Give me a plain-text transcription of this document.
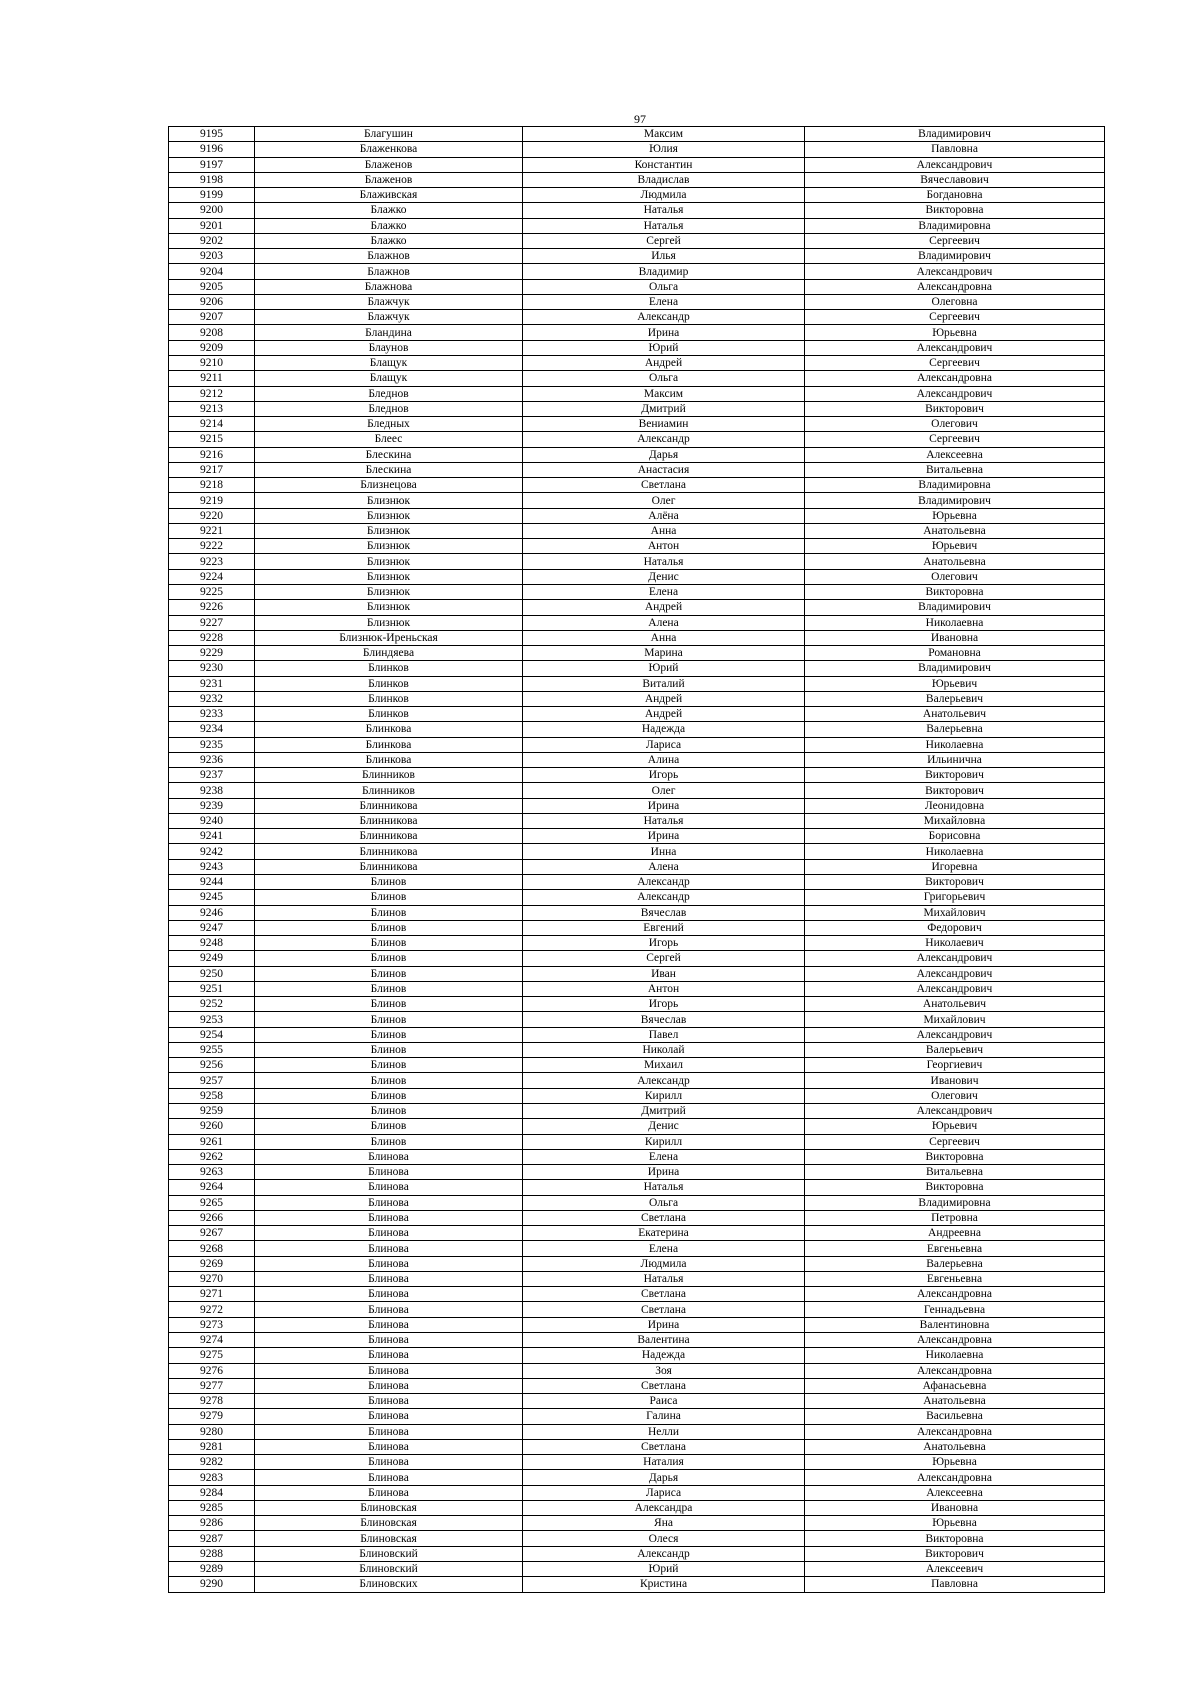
97
9195	Благушин	Максим	Владимирович
9196	Блаженкова	Юлия	Павловна
9197	Блаженов	Константин	Александрович
9198	Блаженов	Владислав	Вячеславович
9199	Блаживская	Людмила	Богдановна
9200	Блажко	Наталья	Викторовна
9201	Блажко	Наталья	Владимировна
9202	Блажко	Сергей	Сергеевич
9203	Блажнов	Илья	Владимирович
9204	Блажнов	Владимир	Александрович
9205	Блажнова	Ольга	Александровна
9206	Блажчук	Елена	Олеговна
9207	Блажчук	Александр	Сергеевич
9208	Бландина	Ирина	Юрьевна
9209	Блаунов	Юрий	Александрович
9210	Блащук	Андрей	Сергеевич
9211	Блащук	Ольга	Александровна
9212	Бледнов	Максим	Александрович
9213	Бледнов	Дмитрий	Викторович
9214	Бледных	Вениамин	Олегович
9215	Блеес	Александр	Сергеевич
9216	Блескина	Дарья	Алексеевна
9217	Блескина	Анастасия	Витальевна
9218	Близнецова	Светлана	Владимировна
9219	Близнюк	Олег	Владимирович
9220	Близнюк	Алёна	Юрьевна
9221	Близнюк	Анна	Анатольевна
9222	Близнюк	Антон	Юрьевич
9223	Близнюк	Наталья	Анатольевна
9224	Близнюк	Денис	Олегович
9225	Близнюк	Елена	Викторовна
9226	Близнюк	Андрей	Владимирович
9227	Близнюк	Алена	Николаевна
9228	Близнюк-Иреньская	Анна	Ивановна
9229	Блиндяева	Марина	Романовна
9230	Блинков	Юрий	Владимирович
9231	Блинков	Виталий	Юрьевич
9232	Блинков	Андрей	Валерьевич
9233	Блинков	Андрей	Анатольевич
9234	Блинкова	Надежда	Валерьевна
9235	Блинкова	Лариса	Николаевна
9236	Блинкова	Алина	Ильинична
9237	Блинников	Игорь	Викторович
9238	Блинников	Олег	Викторович
9239	Блинникова	Ирина	Леонидовна
9240	Блинникова	Наталья	Михайловна
9241	Блинникова	Ирина	Борисовна
9242	Блинникова	Инна	Николаевна
9243	Блинникова	Алена	Игоревна
9244	Блинов	Александр	Викторович
9245	Блинов	Александр	Григорьевич
9246	Блинов	Вячеслав	Михайлович
9247	Блинов	Евгений	Федорович
9248	Блинов	Игорь	Николаевич
9249	Блинов	Сергей	Александрович
9250	Блинов	Иван	Александрович
9251	Блинов	Антон	Александрович
9252	Блинов	Игорь	Анатольевич
9253	Блинов	Вячеслав	Михайлович
9254	Блинов	Павел	Александрович
9255	Блинов	Николай	Валерьевич
9256	Блинов	Михаил	Георгиевич
9257	Блинов	Александр	Иванович
9258	Блинов	Кирилл	Олегович
9259	Блинов	Дмитрий	Александрович
9260	Блинов	Денис	Юрьевич
9261	Блинов	Кирилл	Сергеевич
9262	Блинова	Елена	Викторовна
9263	Блинова	Ирина	Витальевна
9264	Блинова	Наталья	Викторовна
9265	Блинова	Ольга	Владимировна
9266	Блинова	Светлана	Петровна
9267	Блинова	Екатерина	Андреевна
9268	Блинова	Елена	Евгеньевна
9269	Блинова	Людмила	Валерьевна
9270	Блинова	Наталья	Евгеньевна
9271	Блинова	Светлана	Александровна
9272	Блинова	Светлана	Геннадьевна
9273	Блинова	Ирина	Валентиновна
9274	Блинова	Валентина	Александровна
9275	Блинова	Надежда	Николаевна
9276	Блинова	Зоя	Александровна
9277	Блинова	Светлана	Афанасьевна
9278	Блинова	Раиса	Анатольевна
9279	Блинова	Галина	Васильевна
9280	Блинова	Нелли	Александровна
9281	Блинова	Светлана	Анатольевна
9282	Блинова	Наталия	Юрьевна
9283	Блинова	Дарья	Александровна
9284	Блинова	Лариса	Алексеевна
9285	Блиновская	Александра	Ивановна
9286	Блиновская	Яна	Юрьевна
9287	Блиновская	Олеся	Викторовна
9288	Блиновский	Александр	Викторович
9289	Блиновский	Юрий	Алексеевич
9290	Блиновских	Кристина	Павловна
